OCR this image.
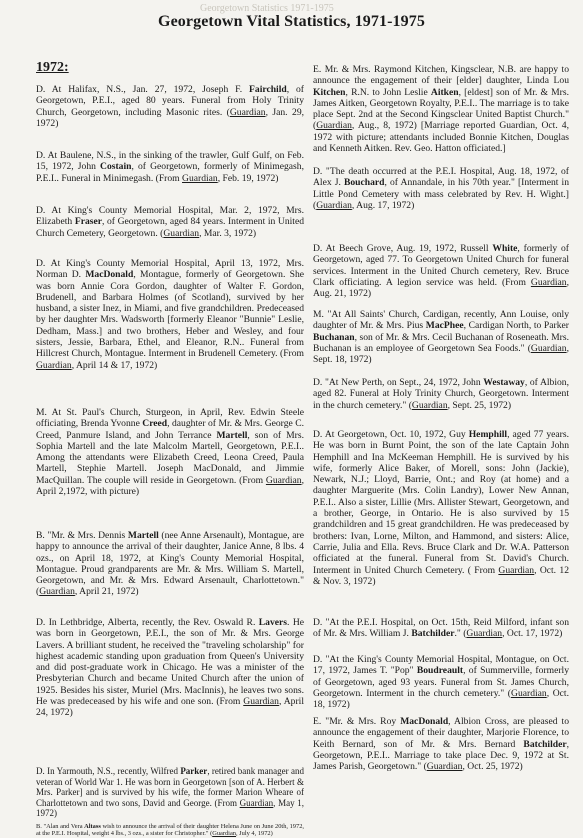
Georgetown Statistics 1971-1975
Georgetown Vital Statistics, 1971-1975
1972:

D. At Halifax, N.S., Jan. 27, 1972, Joseph F. Fairchild, of Georgetown, P.E.I., aged 80 years. Funeral from Holy Trinity Church, Georgetown, including Masonic rites. (Guardian, Jan. 29, 1972)

D. At Baulene, N.S., in the sinking of the trawler, Gulf Gulf, on Feb. 15, 1972, John Costain, of Georgetown, formerly of Minimegash, P.E.I.. Funeral in Minimegash. (From Guardian, Feb. 19, 1972)

D. At King's County Memorial Hospital, Mar. 2, 1972, Mrs. Elizabeth Fraser, of Georgetown, aged 84 years. Interment in United Church Cemetery, Georgetown. (Guardian, Mar. 3, 1972)

D. At King's County Memorial Hospital, April 13, 1972, Mrs. Norman D. MacDonald, Montague, formerly of Georgetown. She was born Annie Cora Gordon, daughter of Walter F. Gordon, Brudenell, and Barbara Holmes (of Scotland), survived by her husband, a sister Inez, in Miami, and five grandchildren. Predeceased by her daughter Mrs. Wadsworth [formerly Eleanor "Bunnie" Leslie, Dedham, Mass.] and two brothers, Heber and Wesley, and four sisters, Jessie, Barbara, Ethel, and Eleanor, R.N.. Funeral from Hillcrest Church, Montague. Interment in Brudenell Cemetery. (From Guardian, April 14 & 17, 1972)

M. At St. Paul's Church, Sturgeon, in April, Rev. Edwin Steele officiating, Brenda Yvonne Creed, daughter of Mr. & Mrs. George C. Creed, Panmure Island, and John Terrance Martell, son of Mrs. Sophia Martell and the late Malcolm Martell, Georgetown, P.E.I.. Among the attendants were Elizabeth Creed, Leona Creed, Paula Martell, Stephie Martell. Joseph MacDonald, and Jimmie MacQuillan. The couple will reside in Georgetown. (From Guardian, April 2,1972, with picture)

B. "Mr. & Mrs. Dennis Martell (nee Anne Arsenault), Montague, are happy to announce the arrival of their daughter, Janice Anne, 8 lbs. 4 ozs., on April 18, 1972, at King's County Memorial Hospital, Montague. Proud grandparents are Mr. & Mrs. William S. Martell, Georgetown, and Mr. & Mrs. Edward Arsenault, Charlottetown." (Guardian, April 21, 1972)

D. In Lethbridge, Alberta, recently, the Rev. Oswald R. Lavers. He was born in Georgetown, P.E.I., the son of Mr. & Mrs. George Lavers. A brilliant student, he received the "traveling scholarship" for highest academic standing upon graduation from Queen's University and did post-graduate work in Chicago. He was a minister of the Presbyterian Church and became United Church after the union of 1925. Besides his sister, Muriel (Mrs. MacInnis), he leaves two sons. He was predeceased by his wife and one son. (From Guardian, April 24, 1972)

D. In Yarmouth, N.S., recently, Wilfred Parker, retired bank manager and veteran of World War 1. He was born in Georgetown [son of A. Herbert & Mrs. Parker] and is survived by his wife, the former Marion Wheare of Charlottetown and two sons, David and George. (From Guardian, May 1, 1972)

B. "Alan and Vera Altass wish to announce the arrival of their daughter Helena June on June 20th, 1972, at the P.E.I. Hospital, weight 4 lbs., 3 ozs., a sister for Christopher." (Guardian, July 4, 1972)

E. Mr. & Mrs. Raymond Kitchen, Kingsclear, N.B. are happy to announce the engagement of their [elder] daughter, Linda Lou Kitchen, R.N. to John Leslie Aitken, [eldest] son of Mr. & Mrs. James Aitken, Georgetown Royalty, P.E.I.. The marriage is to take place Sept. 2nd at the Second Kingsclear United Baptist Church." (Guardian, Aug., 8, 1972) [Marriage reported Guardian, Oct. 4, 1972 with picture; attendants included Bonnie Kitchen, Douglas and Kenneth Aitken. Rev. Geo. Hatton officiated.]

D. "The death occurred at the P.E.I. Hospital, Aug. 18, 1972, of Alex J. Bouchard, of Annandale, in his 70th year." [Interment in Little Pond Cemetery with mass celebrated by Rev. H. Wight.] (Guardian, Aug. 17, 1972)

D. At Beech Grove, Aug. 19, 1972, Russell White, formerly of Georgetown, aged 77. To Georgetown United Church for funeral services. Interment in the United Church cemetery, Rev. Bruce Clark officiating. A legion service was held. (From Guardian, Aug. 21, 1972)

M. "At All Saints' Church, Cardigan, recently, Ann Louise, only daughter of Mr. & Mrs. Pius MacPhee, Cardigan North, to Parker Buchanan, son of Mr. & Mrs. Cecil Buchanan of Roseneath. Mrs. Buchanan is an employee of Georgetown Sea Foods." (Guardian, Sept. 18, 1972)

D. "At New Perth, on Sept., 24, 1972, John Westaway, of Albion, aged 82. Funeral at Holy Trinity Church, Georgetown. Interment in the church cemetery." (Guardian, Sept. 25, 1972)

D. At Georgetown, Oct. 10, 1972, Guy Hemphill, aged 77 years. He was born in Burnt Point, the son of the late Captain John Hemphill and Ina McKeeman Hemphill. He is survived by his wife, formerly Alice Baker, of Morell, sons: John (Jackie), Newark, N.J.; Lloyd, Barrie, Ont.; and Roy (at home) and a daughter Marguerite (Mrs. Colin Landry), Lower New Annan, P.E.I.. Also a sister, Lillie (Mrs. Allister Stewart, Georgetown, and a brother, George, in Ontario. He is also survived by 15 grandchildren and 15 great grandchildren. He was predeceased by brothers: Ivan, Lorne, Milton, and Hammond, and sisters: Alice, Carrie, Julia and Ella. Revs. Bruce Clark and Dr. W.A. Patterson officiated at the funeral. Funeral from St. David's Church. Interment in United Church Cemetery. ( From Guardian, Oct. 12 & Nov. 3, 1972)

D. "At the P.E.I. Hospital, on Oct. 15th, Reid Milford, infant son of Mr. & Mrs. William J. Batchilder." (Guardian, Oct. 17, 1972)

D. "At the King's County Memorial Hospital, Montague, on Oct. 17, 1972, James T. "Pop" Boudreault, of Summerville, formerly of Georgetown, aged 93 years. Funeral from St. James Church, Georgetown. Interment in the church cemetery." (Guardian, Oct. 18, 1972)

E. "Mr. & Mrs. Roy MacDonald, Albion Cross, are pleased to announce the engagement of their daughter, Marjorie Florence, to Keith Bernard, son of Mr. & Mrs. Bernard Batchilder, Georgetown, P.E.I.. Marriage to take place Dec. 9, 1972 at St. James Parish, Georgetown." (Guardian, Oct. 25, 1972)
